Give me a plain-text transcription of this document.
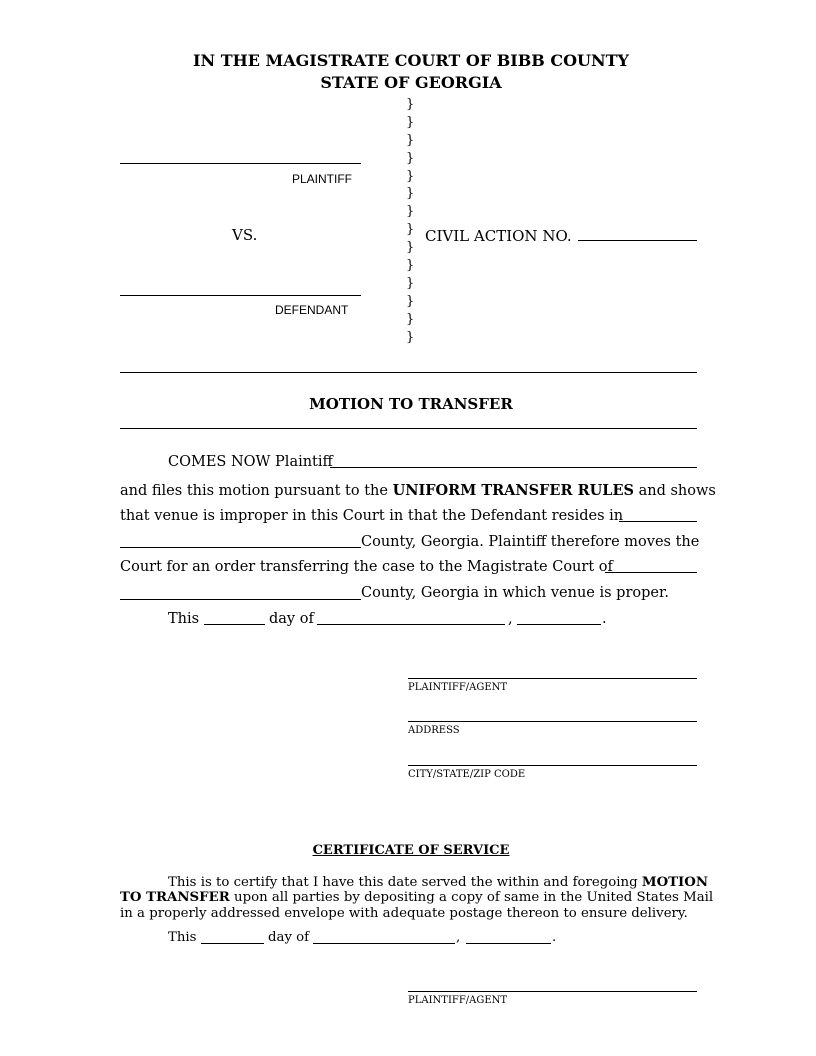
IN THE MAGISTRATE COURT OF BIBB COUNTY
STATE OF GEORGIA
}
}
}
}
}
}
}
}
}
}
}
}
}
}
PLAINTIFF
VS.	CIVIL ACTION NO.
DEFENDANT
MOTION TO TRANSFER
COMES NOW Plaintiff
and files this motion pursuant to the UNIFORM TRANSFER RULES and shows
that venue is improper in this Court in that the Defendant resides in
County, Georgia. Plaintiff therefore moves the
Court for an order transferring the case to the Magistrate Court of
County, Georgia in which venue is proper.
This	day of	,	.
PLAINTIFF/AGENT
ADDRESS
CITY/STATE/ZIP CODE
CERTIFICATE OF SERVICE
This is to certify that I have this date served the within and foregoing MOTION
TO TRANSFER upon all parties by depositing a copy of same in the United States Mail
in a properly addressed envelope with adequate postage thereon to ensure delivery.
This	day of	,	.
PLAINTIFF/AGENT
